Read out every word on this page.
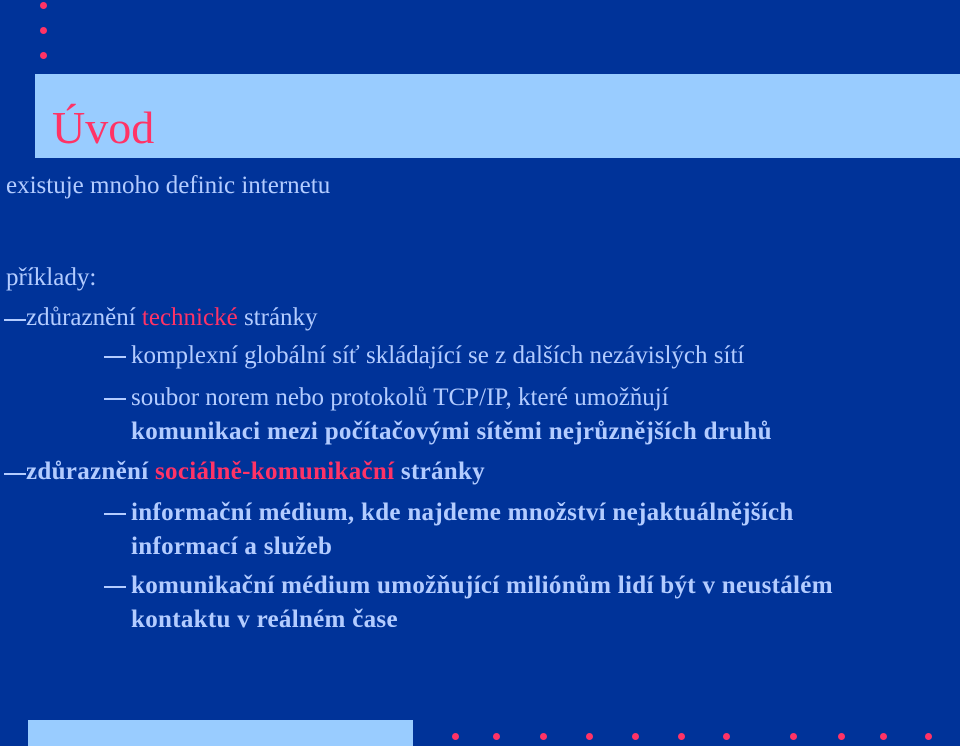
Úvod
existuje mnoho definic internetu
příklady:
zdůraznění technické stránky
komplexní globální síť skládající se z dalších nezávislých sítí
soubor norem nebo protokolů TCP/IP, které umožňují
komunikaci mezi počítačovými sítěmi nejrůznějších druhů
zdůraznění sociálně-komunikační stránky
informační médium, kde najdeme množství nejaktuálnějších
informací a služeb
komunikační médium umožňující miliónům lidí být v neustálém
kontaktu v reálném čase
